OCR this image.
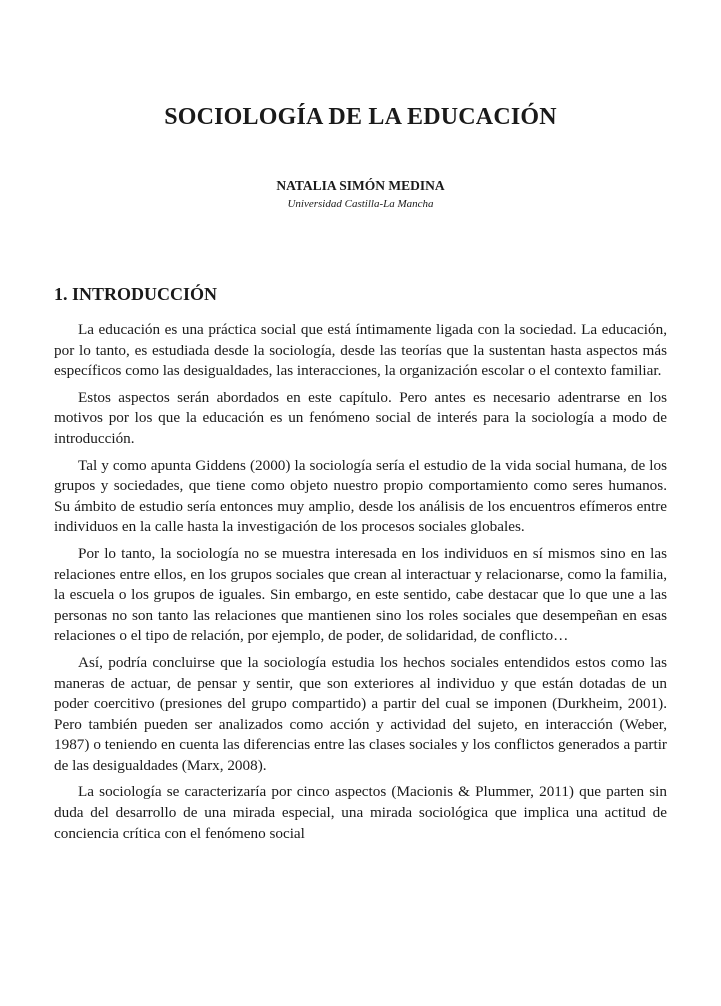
SOCIOLOGÍA DE LA EDUCACIÓN
NATALIA SIMÓN MEDINA
Universidad Castilla-La Mancha
1. INTRODUCCIÓN

La educación es una práctica social que está íntimamente ligada con la sociedad. La educación, por lo tanto, es estudiada desde la sociología, desde las teorías que la sustentan hasta aspectos más específicos como las desigualdades, las interacciones, la organización escolar o el contexto familiar.

Estos aspectos serán abordados en este capítulo. Pero antes es necesario adentrarse en los motivos por los que la educación es un fenómeno social de interés para la sociología a modo de introducción.

Tal y como apunta Giddens (2000) la sociología sería el estudio de la vida social humana, de los grupos y sociedades, que tiene como objeto nuestro propio comportamiento como seres humanos. Su ámbito de estudio sería entonces muy amplio, desde los análisis de los encuentros efímeros entre individuos en la calle hasta la investigación de los procesos sociales globales.

Por lo tanto, la sociología no se muestra interesada en los individuos en sí mismos sino en las relaciones entre ellos, en los grupos sociales que crean al interactuar y relacionarse, como la familia, la escuela o los grupos de iguales. Sin embargo, en este sentido, cabe destacar que lo que une a las personas no son tanto las relaciones que mantienen sino los roles sociales que desempeñan en esas relaciones o el tipo de relación, por ejemplo, de poder, de solidaridad, de conflicto…

Así, podría concluirse que la sociología estudia los hechos sociales entendidos estos como las maneras de actuar, de pensar y sentir, que son exteriores al individuo y que están dotadas de un poder coercitivo (presiones del grupo compartido) a partir del cual se imponen (Durkheim, 2001). Pero también pueden ser analizados como acción y actividad del sujeto, en interacción (Weber, 1987) o teniendo en cuenta las diferencias entre las clases sociales y los conflictos generados a partir de las desigualdades (Marx, 2008).

La sociología se caracterizaría por cinco aspectos (Macionis & Plummer, 2011) que parten sin duda del desarrollo de una mirada especial, una mirada sociológica que implica una actitud de conciencia crítica con el fenómeno social
